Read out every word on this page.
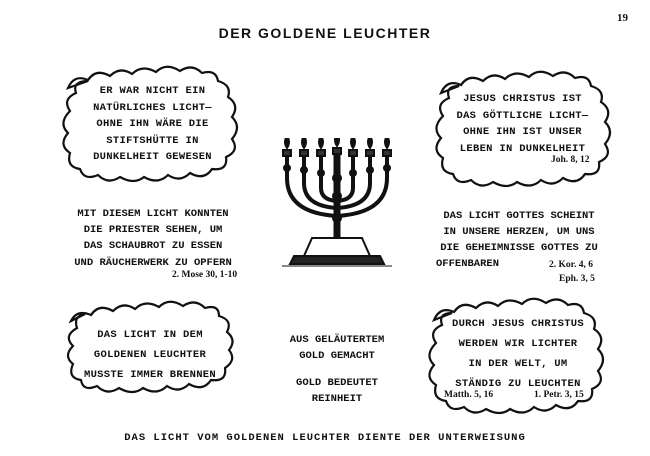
19
DER GOLDENE LEUCHTER
ER WAR NICHT EIN
NATÜRLICHES LICHT—
OHNE IHN WÄRE DIE
STIFTSHÜTTE IN
DUNKELHEIT GEWESEN
JESUS CHRISTUS IST
DAS GÖTTLICHE LICHT—
OHNE IHN IST UNSER
LEBEN IN DUNKELHEIT
Joh. 8, 12
MIT DIESEM LICHT KONNTEN
DIE PRIESTER SEHEN, UM
DAS SCHAUBROT ZU ESSEN
UND RÄUCHERWERK ZU OPFERN
2. Mose 30, 1-10
DAS LICHT GOTTES SCHEINT
IN UNSERE HERZEN, UM UNS
DIE GEHEIMNISSE GOTTES ZU
OFFENBAREN	2. Kor. 4, 6
Eph. 3, 5
DAS LICHT IN DEM
GOLDENEN LEUCHTER
MUSSTE IMMER BRENNEN
AUS GELÄUTERTEM
GOLD GEMACHT
GOLD BEDEUTET
REINHEIT
DURCH JESUS CHRISTUS
WERDEN WIR LICHTER
IN DER WELT, UM
STÄNDIG ZU LEUCHTEN
Matth. 5, 16	1. Petr. 3, 15
DAS LICHT VOM GOLDENEN LEUCHTER DIENTE DER UNTERWEISUNG
